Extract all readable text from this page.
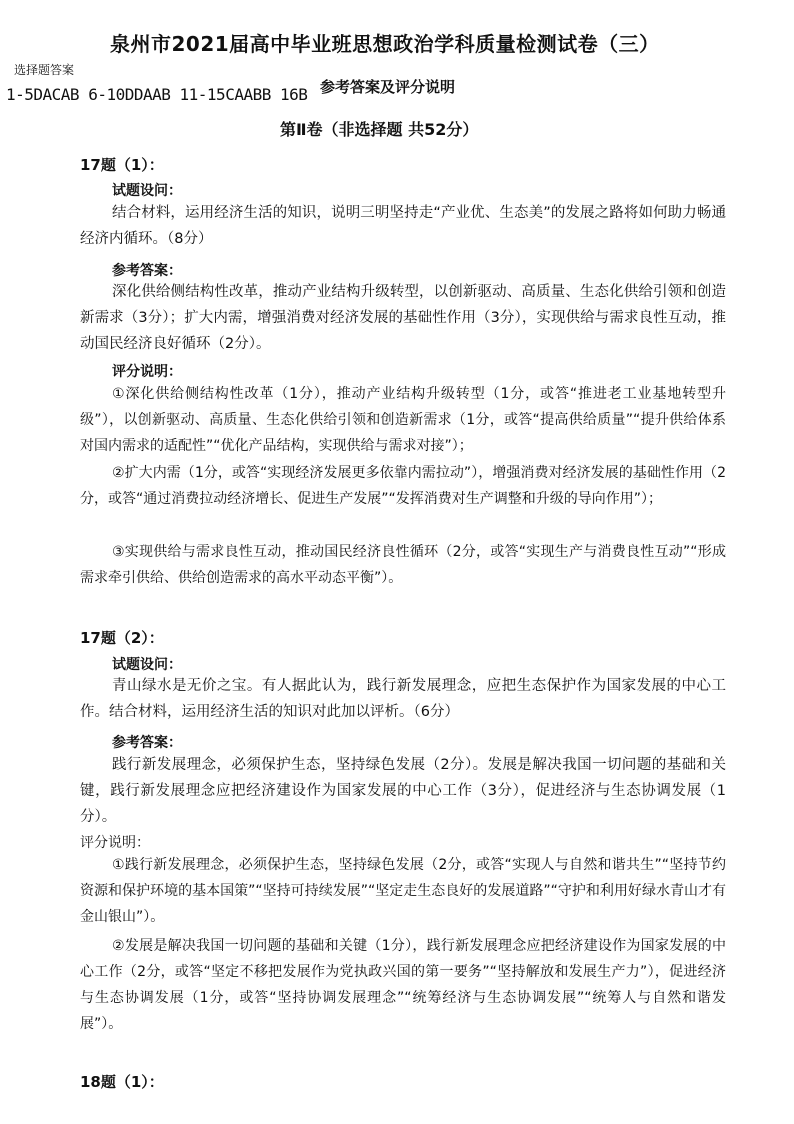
泉州市2021届高中毕业班思想政治学科质量检测试卷（三）
选择题答案
1-5DACAB 6-10DDAAB 11-15CAABB 16B 参考答案及评分说明
第Ⅱ卷（非选择题 共52分）
17题（1）：
试题设问：
结合材料，运用经济生活的知识，说明三明坚持走“产业优、生态美”的发展之路将如何助力畅通经济内循环。（8分）
参考答案：
深化供给侧结构性改革，推动产业结构升级转型，以创新驱动、高质量、生态化供给引领和创造新需求（3分）；扩大内需，增强消费对经济发展的基础性作用（3分），实现供给与需求良性互动，推动国民经济良好循环（2分）。
评分说明：
①深化供给侧结构性改革（1分），推动产业结构升级转型（1分，或答“推进老工业基地转型升级”），以创新驱动、高质量、生态化供给引领和创造新需求（1分，或答“提高供给质量”“提升供给体系对国内需求的适配性”“优化产品结构，实现供给与需求对接”）；
②扩大内需（1分，或答“实现经济发展更多依靠内需拉动”），增强消费对经济发展的基础性作用（2分，或答“通过消费拉动经济增长、促进生产发展”“发挥消费对生产调整和升级的导向作用”）；
③实现供给与需求良性互动，推动国民经济良性循环（2分，或答“实现生产与消费良性互动”“形成需求牵引供给、供给创造需求的高水平动态平衡”）。
17题（2）：
试题设问：
青山绿水是无价之宝。有人据此认为，践行新发展理念，应把生态保护作为国家发展的中心工作。结合材料，运用经济生活的知识对此加以评析。（6分）
参考答案：
践行新发展理念，必须保护生态，坚持绿色发展（2分）。发展是解决我国一切问题的基础和关键，践行新发展理念应把经济建设作为国家发展的中心工作（3分），促进经济与生态协调发展（1分）。
评分说明：
①践行新发展理念，必须保护生态，坚持绿色发展（2分，或答“实现人与自然和谐共生”“坚持节约资源和保护环境的基本国策”“坚持可持续发展”“坚定走生态良好的发展道路”“守护和利用好绿水青山才有金山银山”）。
②发展是解决我国一切问题的基础和关键（1分），践行新发展理念应把经济建设作为国家发展的中心工作（2分，或答“坚定不移把发展作为党执政兴国的第一要务”“坚持解放和发展生产力”），促进经济与生态协调发展（1分，或答“坚持协调发展理念”“统筹经济与生态协调发展”“统筹人与自然和谐发展”）。
18题（1）：
